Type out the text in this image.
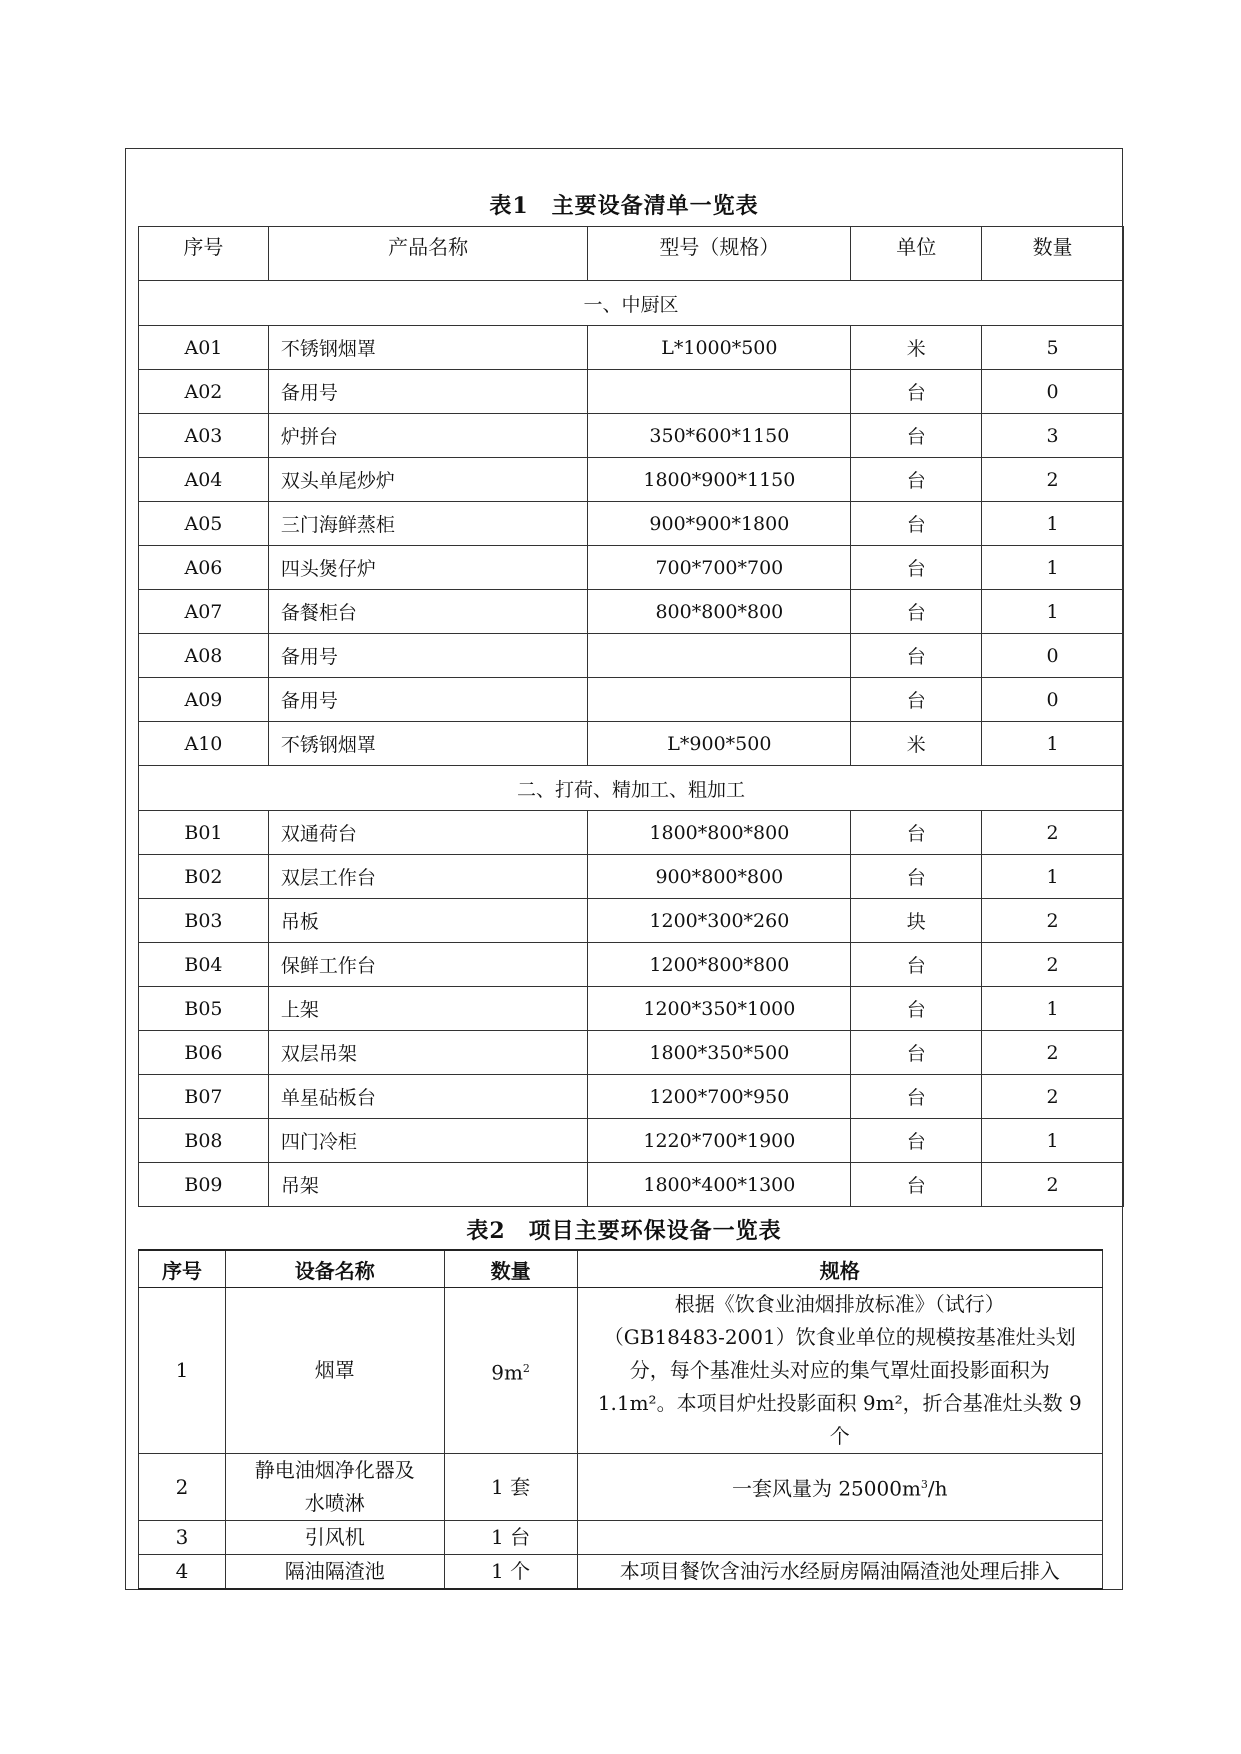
表1　主要设备清单一览表
序号	产品名称	型号（规格）	单位	数量
一、中厨区				
A01	不锈钢烟罩	L*1000*500	米	5
A02	备用号		台	0
A03	炉拼台	350*600*1150	台	3
A04	双头单尾炒炉	1800*900*1150	台	2
A05	三门海鲜蒸柜	900*900*1800	台	1
A06	四头煲仔炉	700*700*700	台	1
A07	备餐柜台	800*800*800	台	1
A08	备用号		台	0
A09	备用号		台	0
A10	不锈钢烟罩	L*900*500	米	1
二、打荷、精加工、粗加工				
B01	双通荷台	1800*800*800	台	2
B02	双层工作台	900*800*800	台	1
B03	吊板	1200*300*260	块	2
B04	保鲜工作台	1200*800*800	台	2
B05	上架	1200*350*1000	台	1
B06	双层吊架	1800*350*500	台	2
B07	单星砧板台	1200*700*950	台	2
B08	四门冷柜	1220*700*1900	台	1
B09	吊架	1800*400*1300	台	2
表2　项目主要环保设备一览表
序号	设备名称	数量	规格
1	烟罩	$9m^2$	根据《饮食业油烟排放标准》（试行）
（GB18483-2001）饮食业单位的规模按基准灶头划
分，每个基准灶头对应的集气罩灶面投影面积为
1.1m²。本项目炉灶投影面积 9m²，折合基准灶头数 9
个

2	静电油烟净化器及
水喷淋	1 套	一套风量为 $25000m^3/h$
3	引风机	1 台	
4	隔油隔渣池	1 个	本项目餐饮含油污水经厨房隔油隔渣池处理后排入
